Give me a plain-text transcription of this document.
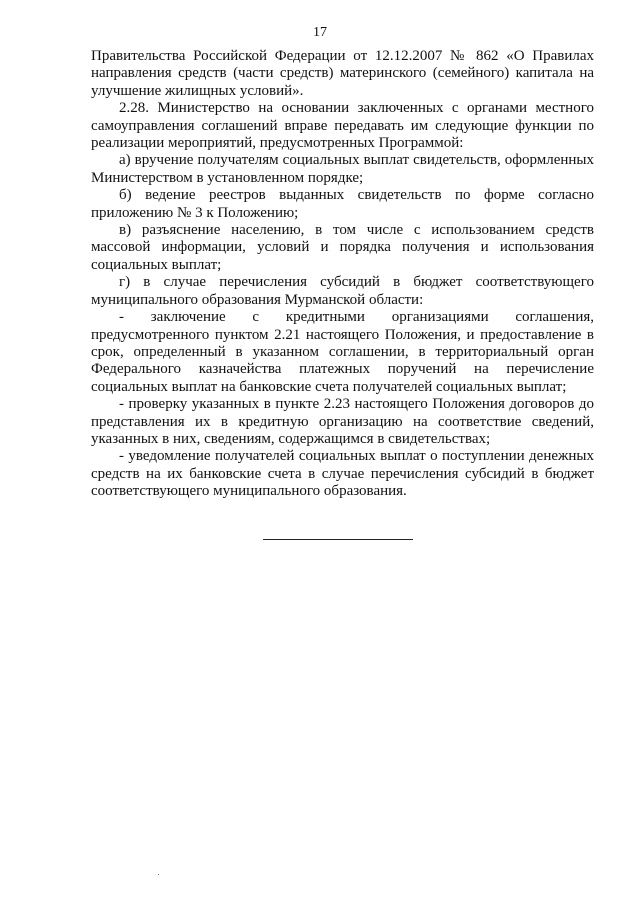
17

Правительства Российской Федерации от 12.12.2007 № 862 «О Правилах направления средств (части средств) материнского (семейного) капитала на улучшение жилищных условий».

2.28. Министерство на основании заключенных с органами местного самоуправления соглашений вправе передавать им следующие функции по реализации мероприятий, предусмотренных Программой:

а) вручение получателям социальных выплат свидетельств, оформленных Министерством в установленном порядке;

б) ведение реестров выданных свидетельств по форме согласно приложению № 3 к Положению;

в) разъяснение населению, в том числе с использованием средств массовой информации, условий и порядка получения и использования социальных выплат;

г) в случае перечисления субсидий в бюджет соответствующего муниципального образования Мурманской области:

- заключение с кредитными организациями соглашения, предусмотренного пунктом 2.21 настоящего Положения, и предоставление в срок, определенный в указанном соглашении, в территориальный орган Федерального казначейства платежных поручений на перечисление социальных выплат на банковские счета получателей социальных выплат;

- проверку указанных в пункте 2.23 настоящего Положения договоров до представления их в кредитную организацию на соответствие сведений, указанных в них, сведениям, содержащимся в свидетельствах;

- уведомление получателей социальных выплат о поступлении денежных средств на их банковские счета в случае перечисления субсидий в бюджет соответствующего муниципального образования.
